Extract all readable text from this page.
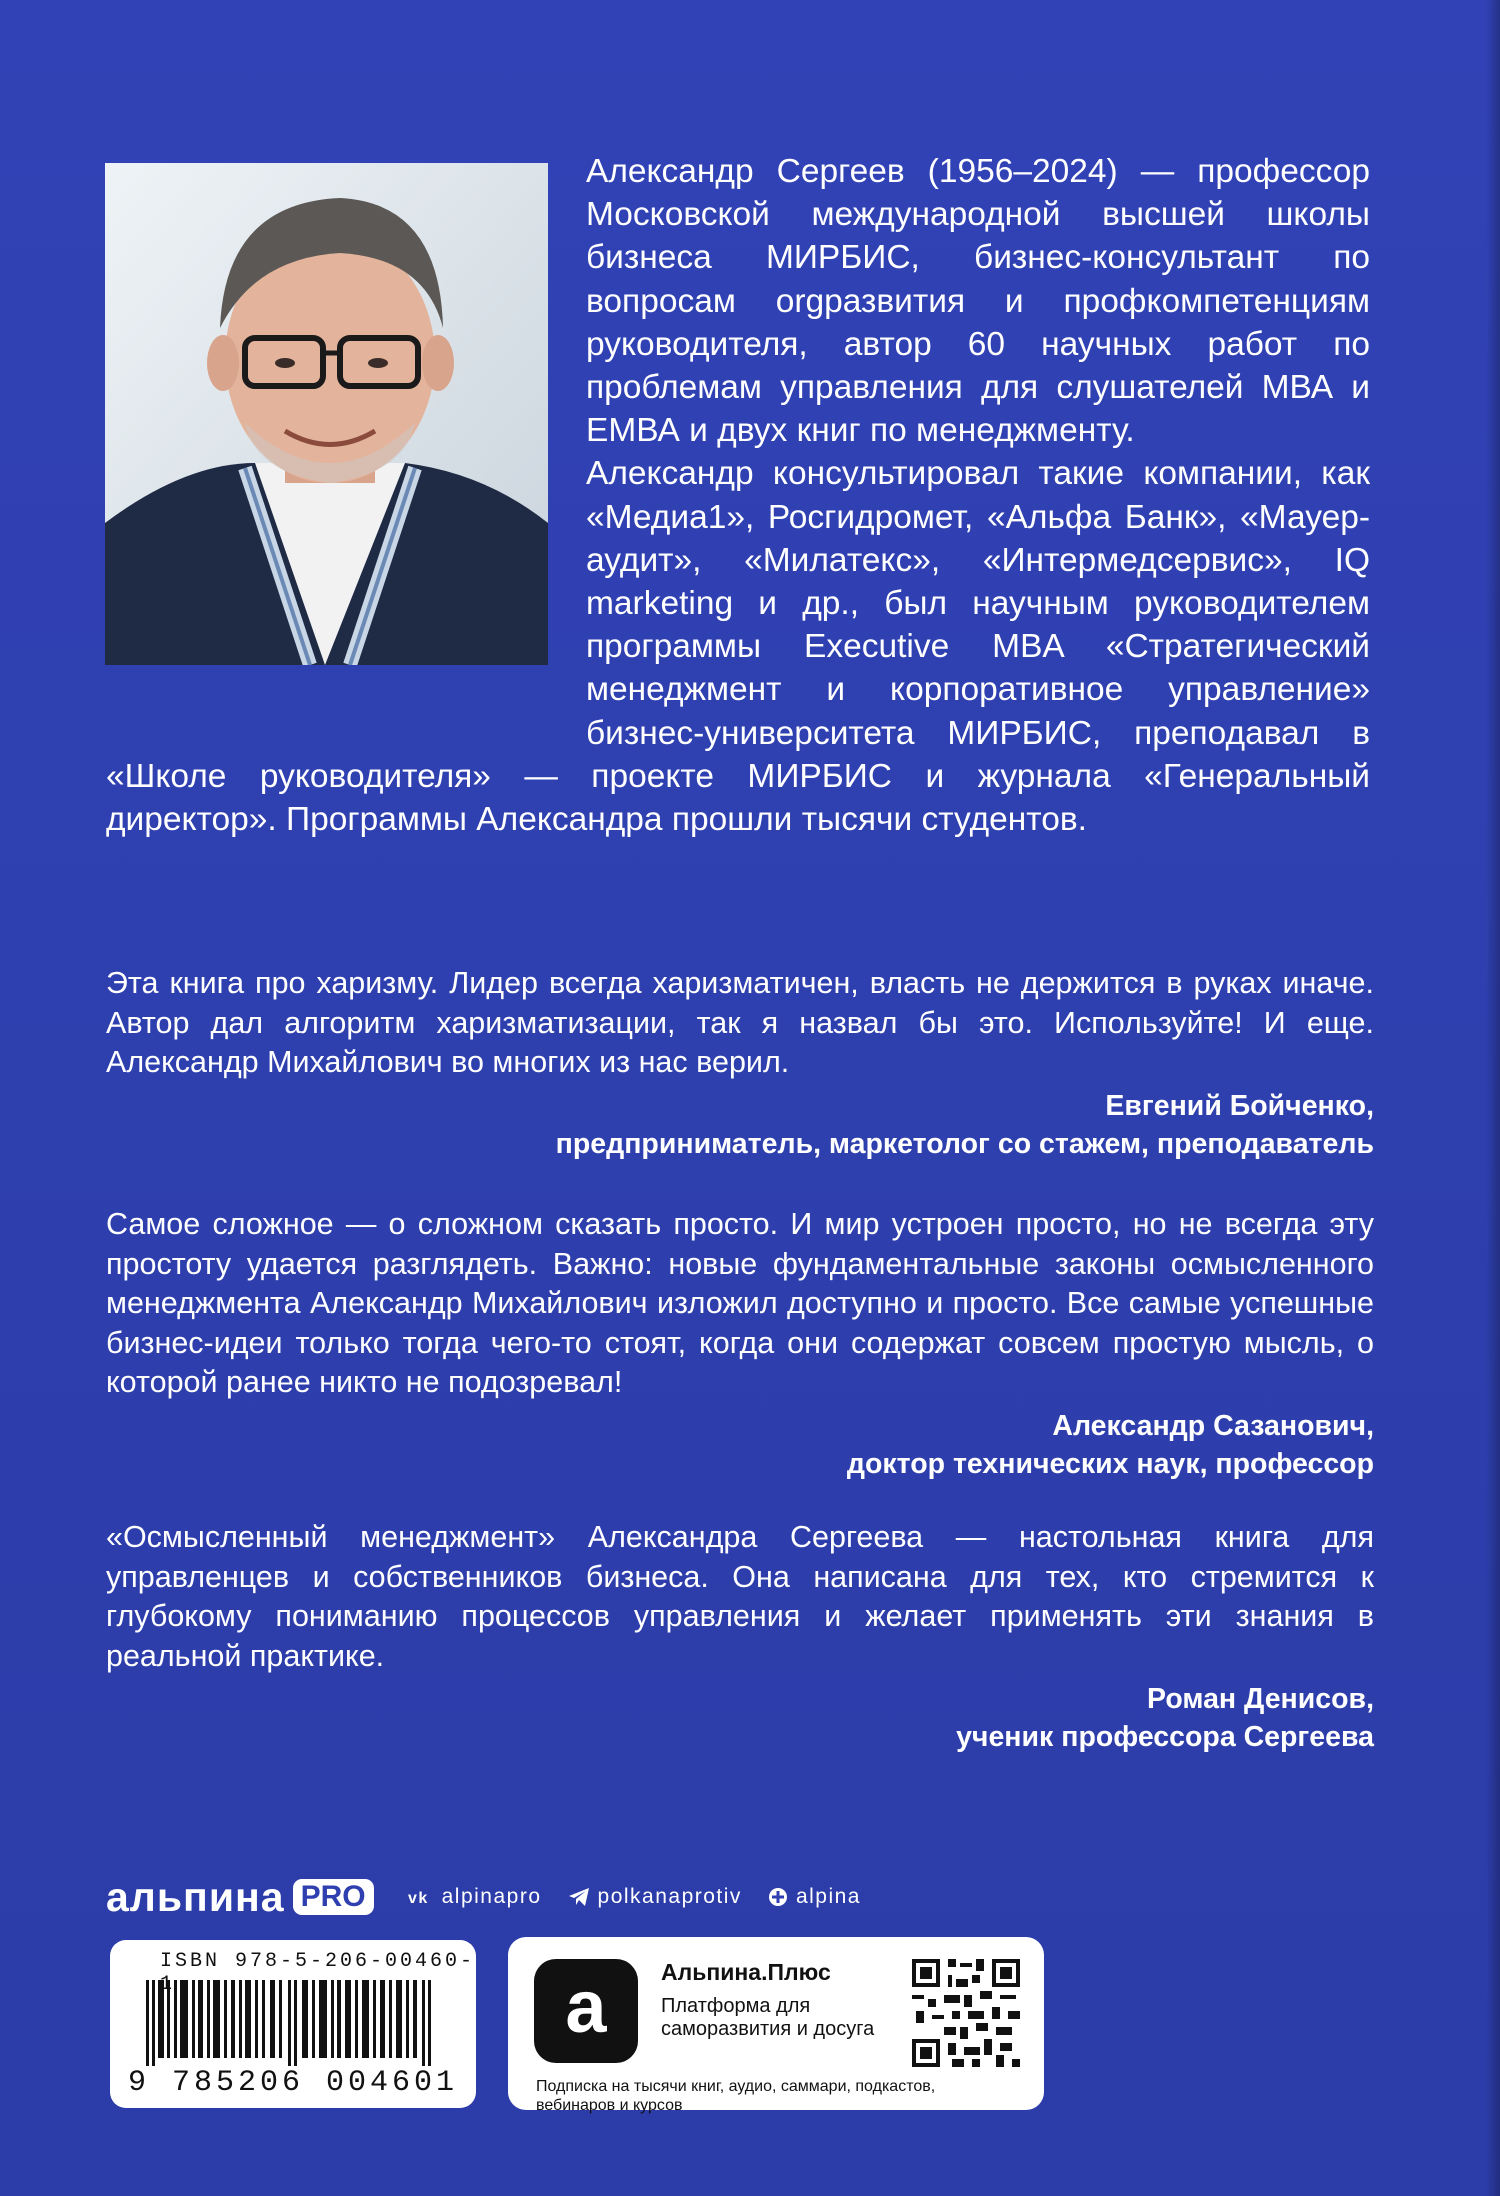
Александр Сергеев (1956–2024) — профессор Московской международной высшей школы бизнеса МИРБИС, бизнес-консультант по вопросам orgразвития и профкомпетенциям руководителя, автор 60 научных работ по проблемам управления для слушателей МВА и ЕМВА и двух книг по менеджменту.

Александр консультировал такие компании, как «Медиа1», Росгидромет, «Альфа Банк», «Мауер-аудит», «Милатекс», «Интермедсервис», IQ marketing и др., был научным руководителем программы Executive MBA «Стратегический менеджмент и корпоративное управление» бизнес-университета МИРБИС, преподавал в «Школе руководителя» — проекте МИРБИС и журнала «Генеральный директор». Программы Александра прошли тысячи студентов.

Эта книга про харизму. Лидер всегда харизматичен, власть не держится в руках иначе. Автор дал алгоритм харизматизации, так я назвал бы это. Используйте! И еще. Александр Михайлович во многих из нас верил.

Евгений Бойченко,
предприниматель, маркетолог со стажем, преподаватель

Самое сложное — о сложном сказать просто. И мир устроен просто, но не всегда эту простоту удается разглядеть. Важно: новые фундаментальные законы осмысленного менеджмента Александр Михайлович изложил доступно и просто. Все самые успешные бизнес-идеи только тогда чего-то стоят, когда они содержат совсем простую мысль, о которой ранее никто не подозревал!

Александр Сазанович,
доктор технических наук, профессор

«Осмысленный менеджмент» Александра Сергеева — настольная книга для управленцев и собственников бизнеса. Она написана для тех, кто стремится к глубокому пониманию процессов управления и желает применять эти знания в реальной практике.

Роман Денисов,
ученик профессора Сергеева
альпина PRO	vk alpinapro	polkanaprotiv	alpina
ISBN 978-5-206-00460-
9 785206 004601
a Альпина.Плюс
Платформа для саморазвития и досуга
Подписка на тысячи книг, аудио, саммари, подкастов, вебинаров и курсов
